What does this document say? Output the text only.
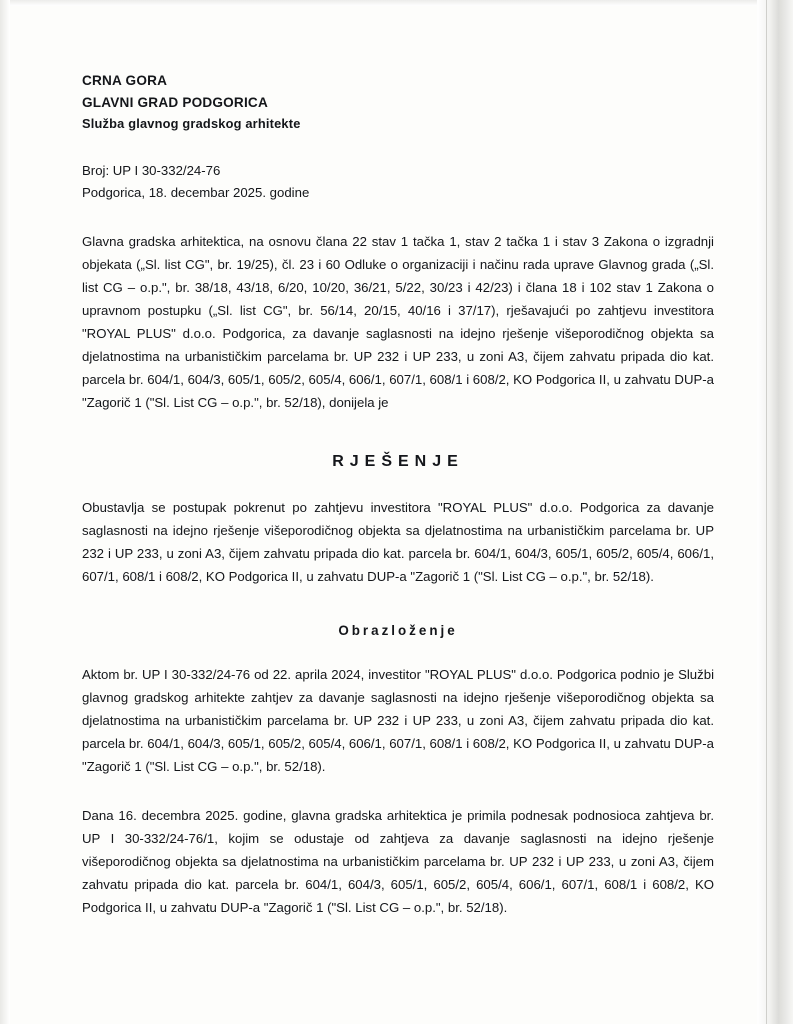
CRNA GORA
GLAVNI GRAD PODGORICA
Služba glavnog gradskog arhitekte
Broj: UP I 30-332/24-76
Podgorica, 18. decembar 2025. godine
Glavna gradska arhitektica, na osnovu člana 22 stav 1 tačka 1, stav 2 tačka 1 i stav 3 Zakona o izgradnji objekata („Sl. list CG", br. 19/25), čl. 23 i 60 Odluke o organizaciji i načinu rada uprave Glavnog grada („Sl. list CG – o.p.", br. 38/18, 43/18, 6/20, 10/20, 36/21, 5/22, 30/23 i 42/23) i člana 18 i 102 stav 1 Zakona o upravnom postupku („Sl. list CG", br. 56/14, 20/15, 40/16 i 37/17), rješavajući po zahtjevu investitora "ROYAL PLUS" d.o.o. Podgorica, za davanje saglasnosti na idejno rješenje višeporodičnog objekta sa djelatnostima na urbanističkim parcelama br. UP 232 i UP 233, u zoni A3, čijem zahvatu pripada dio kat. parcela br. 604/1, 604/3, 605/1, 605/2, 605/4, 606/1, 607/1, 608/1 i 608/2, KO Podgorica II, u zahvatu DUP-a "Zagorič 1 ("Sl. List CG – o.p.", br. 52/18), donijela je
RJEŠENJE
Obustavlja se postupak pokrenut po zahtjevu investitora "ROYAL PLUS" d.o.o. Podgorica za davanje saglasnosti na idejno rješenje višeporodičnog objekta sa djelatnostima na urbanističkim parcelama br. UP 232 i UP 233, u zoni A3, čijem zahvatu pripada dio kat. parcela br. 604/1, 604/3, 605/1, 605/2, 605/4, 606/1, 607/1, 608/1 i 608/2, KO Podgorica II, u zahvatu DUP-a "Zagorič 1 ("Sl. List CG – o.p.", br. 52/18).
Obrazloženje
Aktom br. UP I 30-332/24-76 od 22. aprila 2024, investitor "ROYAL PLUS" d.o.o. Podgorica podnio je Službi glavnog gradskog arhitekte zahtjev za davanje saglasnosti na idejno rješenje višeporodičnog objekta sa djelatnostima na urbanističkim parcelama br. UP 232 i UP 233, u zoni A3, čijem zahvatu pripada dio kat. parcela br. 604/1, 604/3, 605/1, 605/2, 605/4, 606/1, 607/1, 608/1 i 608/2, KO Podgorica II, u zahvatu DUP-a "Zagorič 1 ("Sl. List CG – o.p.", br. 52/18).
Dana 16. decembra 2025. godine, glavna gradska arhitektica je primila podnesak podnosioca zahtjeva br. UP I 30-332/24-76/1, kojim se odustaje od zahtjeva za davanje saglasnosti na idejno rješenje višeporodičnog objekta sa djelatnostima na urbanističkim parcelama br. UP 232 i UP 233, u zoni A3, čijem zahvatu pripada dio kat. parcela br. 604/1, 604/3, 605/1, 605/2, 605/4, 606/1, 607/1, 608/1 i 608/2, KO Podgorica II, u zahvatu DUP-a "Zagorič 1 ("Sl. List CG – o.p.", br. 52/18).
